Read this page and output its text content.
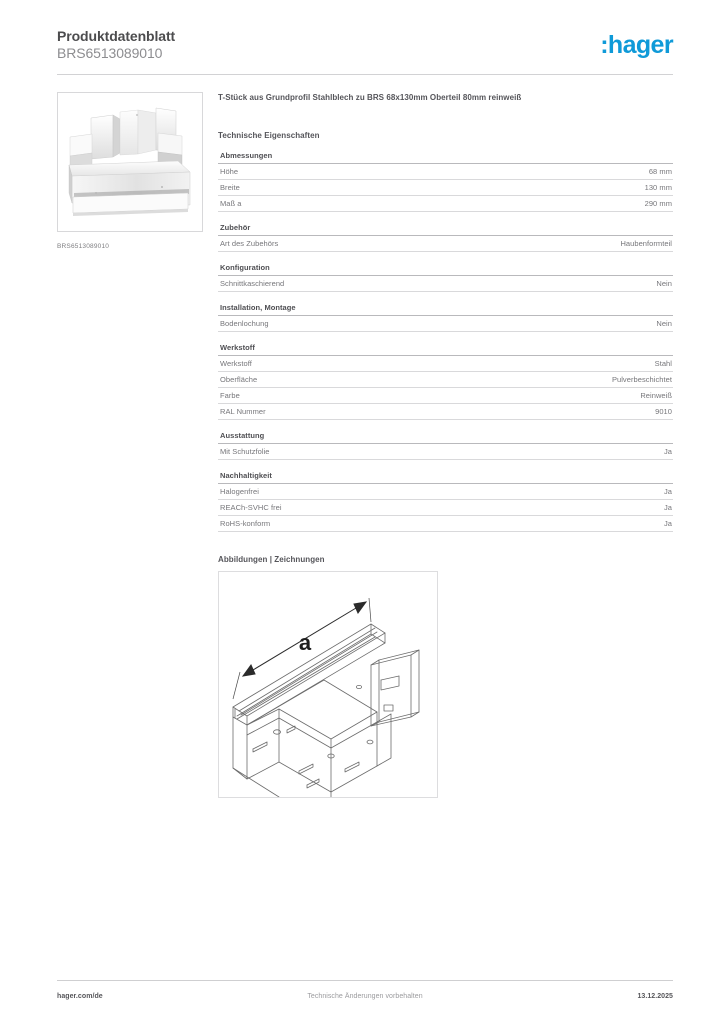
Produktdatenblatt
BRS6513089010	:hager
BRS6513089010
T-Stück aus Grundprofil Stahlblech zu BRS 68x130mm Oberteil 80mm reinweiß
Technische Eigenschaften
Abmessungen
Höhe	68 mm
Breite	130 mm
Maß a	290 mm
Zubehör
Art des Zubehörs	Haubenformteil
Konfiguration
Schnittkaschierend	Nein
Installation, Montage
Bodenlochung	Nein
Werkstoff
Werkstoff	Stahl
Oberfläche	Pulverbeschichtet
Farbe	Reinweiß
RAL Nummer	9010
Ausstattung
Mit Schutzfolie	Ja
Nachhaltigkeit
Halogenfrei	Ja
REACh-SVHC frei	Ja
RoHS-konform	Ja
Abbildungen | Zeichnungen
a
hager.com/de	Technische Änderungen vorbehalten	13.12.2025
